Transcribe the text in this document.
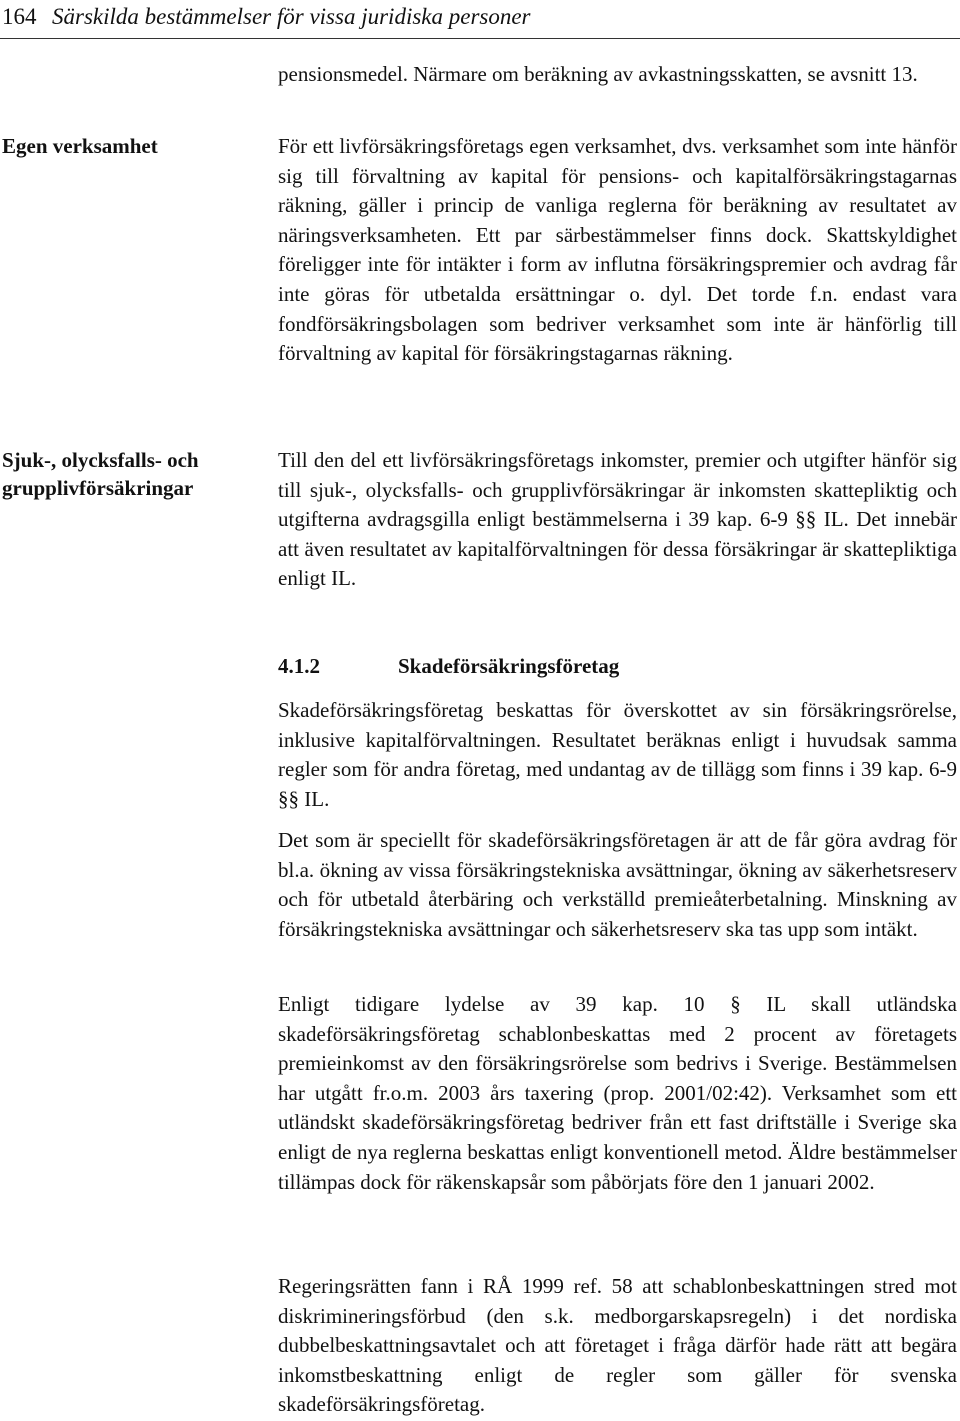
164 Särskilda bestämmelser för vissa juridiska personer
Egen verksamhet
Sjuk-, olycksfalls- och grupplivförsäkringar

pensionsmedel. Närmare om beräkning av avkastningsskatten, se avsnitt 13.

För ett livförsäkringsföretags egen verksamhet, dvs. verksamhet som inte hänför sig till förvaltning av kapital för pensions- och kapitalförsäkringstagarnas räkning, gäller i princip de vanliga reglerna för beräkning av resultatet av näringsverksamheten. Ett par särbestämmelser finns dock. Skattskyldighet föreligger inte för intäkter i form av influtna försäkringspremier och avdrag får inte göras för utbetalda ersättningar o. dyl. Det torde f.n. endast vara fondförsäkringsbolagen som bedriver verksamhet som inte är hänförlig till förvaltning av kapital för försäkringstagarnas räkning.

Till den del ett livförsäkringsföretags inkomster, premier och utgifter hänför sig till sjuk-, olycksfalls- och grupplivförsäkringar är inkomsten skattepliktig och utgifterna avdragsgilla enligt bestämmelserna i 39 kap. 6-9 §§ IL. Det innebär att även resultatet av kapitalförvaltningen för dessa försäkringar är skattepliktiga enligt IL.

4.1.2	Skadeförsäkringsföretag

Skadeförsäkringsföretag beskattas för överskottet av sin försäkringsrörelse, inklusive kapitalförvaltningen. Resultatet beräknas enligt i huvudsak samma regler som för andra företag, med undantag av de tillägg som finns i 39 kap. 6-9 §§ IL.

Det som är speciellt för skadeförsäkringsföretagen är att de får göra avdrag för bl.a. ökning av vissa försäkringstekniska avsättningar, ökning av säkerhetsreserv och för utbetald återbäring och verkställd premieåterbetalning. Minskning av försäkringstekniska avsättningar och säkerhetsreserv ska tas upp som intäkt.

Enligt tidigare lydelse av 39 kap. 10 § IL skall utländska skadeförsäkringsföretag schablonbeskattas med 2 procent av företagets premieinkomst av den försäkringsrörelse som bedrivs i Sverige. Bestämmelsen har utgått fr.o.m. 2003 års taxering (prop. 2001/02:42). Verksamhet som ett utländskt skadeförsäkringsföretag bedriver från ett fast driftställe i Sverige ska enligt de nya reglerna beskattas enligt konventionell metod. Äldre bestämmelser tillämpas dock för räkenskapsår som påbörjats före den 1 januari 2002.

Regeringsrätten fann i RÅ 1999 ref. 58 att schablonbeskattningen stred mot diskrimineringsförbud (den s.k. medborgarskapsregeln) i det nordiska dubbelbeskattningsavtalet och att företaget i fråga därför hade rätt att begära inkomstbeskattning enligt de regler som gäller för svenska skadeförsäkringsföretag.
